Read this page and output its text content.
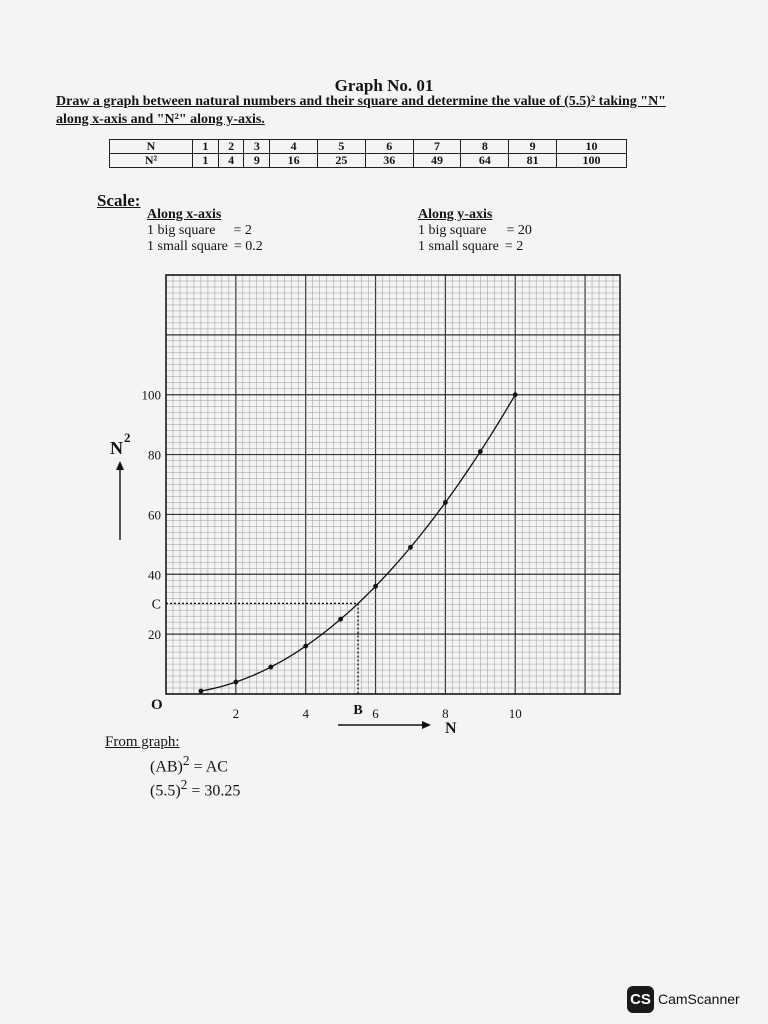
Graph No. 01
Draw a graph between natural numbers and their square and determine the value of (5.5)² taking "N" along x-axis and "N²" along y-axis.
N	1	2	3	4	5	6	7	8	9	10
N²	1	4	9	16	25	36	49	64	81	100
Scale:
Along x-axis
1 big square = 2
1 small square = 0.2
Along y-axis
1 big square = 20
1 small square = 2
20
40
60
80
100
2	4	6	8	10
O	B
C
N
N
2
From graph:
(AB)$^2$ = AC
$(5.5)^2 = 30.25$
CS CamScanner
